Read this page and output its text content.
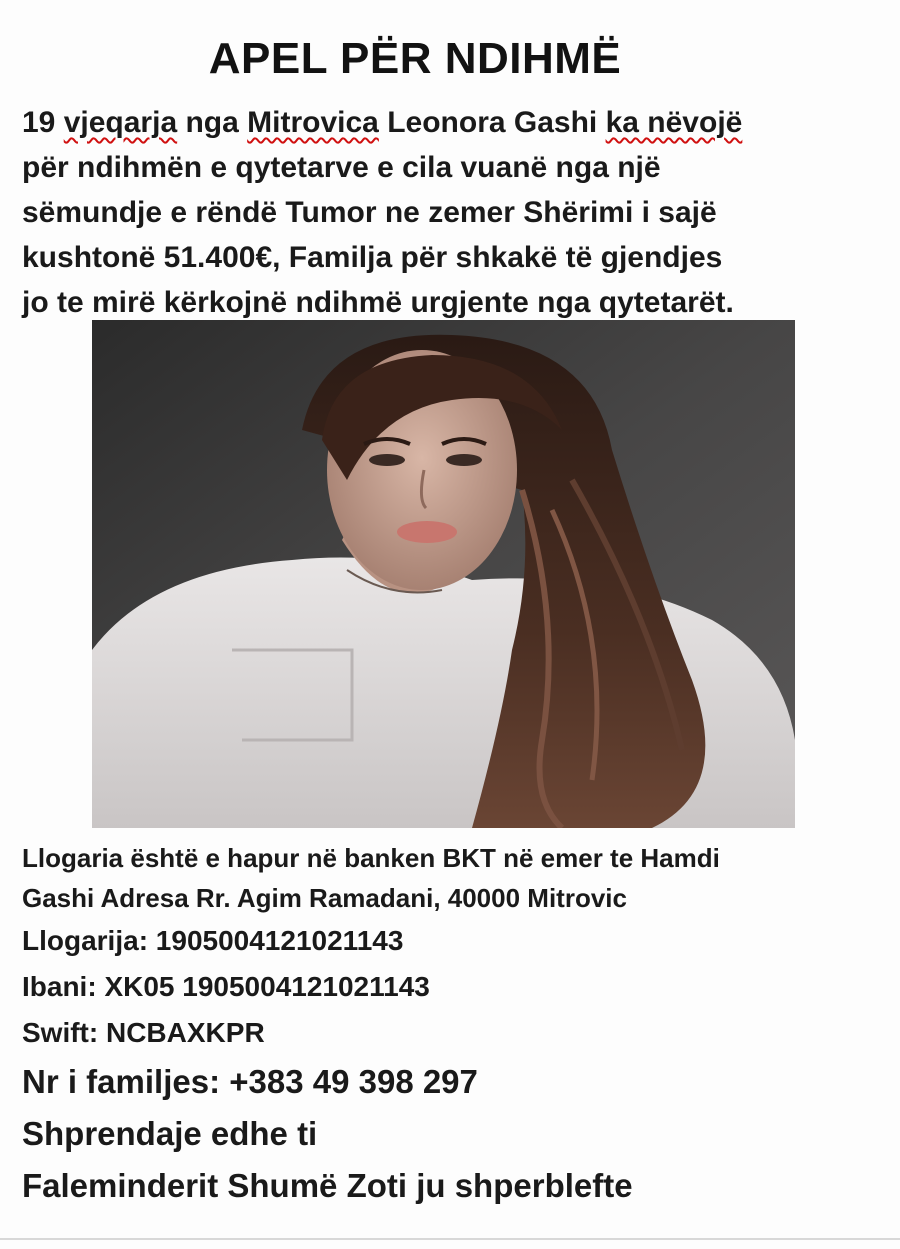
APEL PËR NDIHMË
19 vjeqarja nga Mitrovica Leonora Gashi ka nëvojë
për ndihmën e qytetarve e cila vuanë nga një
sëmundje e rëndë Tumor ne zemer Shërimi i sajë
kushtonë 51.400€, Familja për shkakë të gjendjes
jo te mirë kërkojnë ndihmë urgjente nga qytetarët.
Llogaria është e hapur në banken BKT në emer te Hamdi
Gashi Adresa Rr. Agim Ramadani, 40000 Mitrovic
Llogarija: 1905004121021143
Ibani: XK05 1905004121021143
Swift: NCBAXKPR
Nr i familjes: +383 49 398 297
Shprendaje edhe ti
Faleminderit Shumë Zoti ju shperblefte
